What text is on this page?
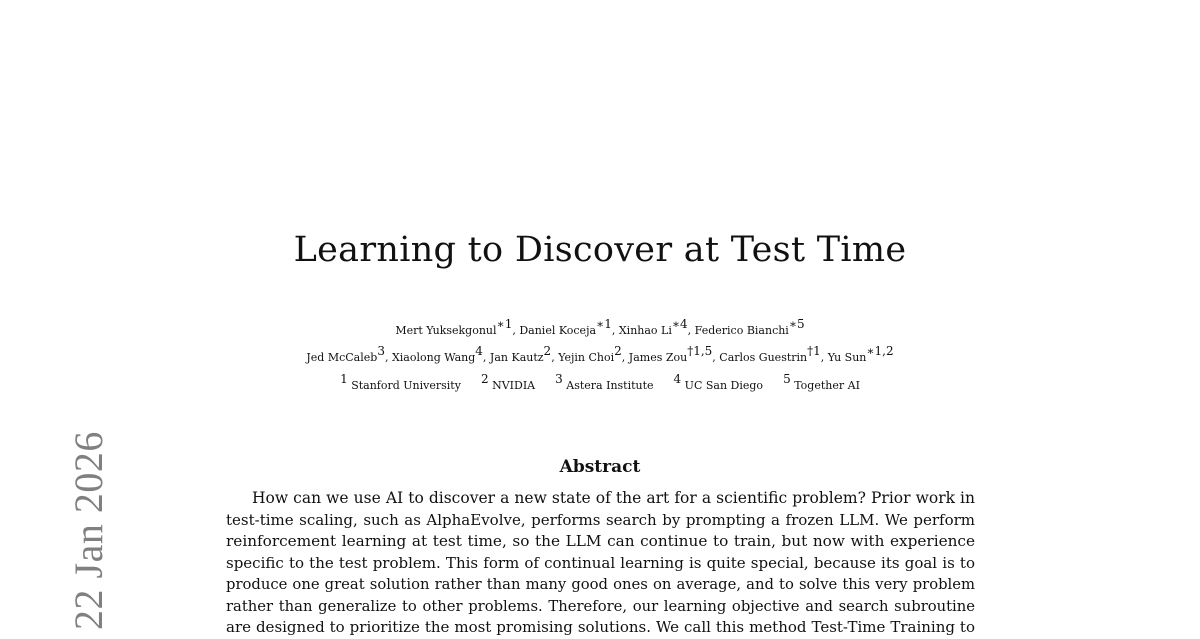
Learning to Discover at Test Time
Mert Yuksekgonul$^{∗1}$, Daniel Koceja$^{∗1}$, Xinhao $Li^{∗4}$, Federico Bianchi$^{∗5}$
Jed McCaleb$^3$, Xiaolong Wang$^4$, Jan Kautz$^2$, Yejin Choi$^2$, James Zou$^{\dagger 1,5}$, Carlos Guestrin$^{\dagger 1}$, Yu Sun$^{∗1,2}$
$^1$ Stanford University $^2$ NVIDIA $^3$ Astera Institute $^4$ UC San Diego $^5$ Together AI
Abstract
How can we use AI to discover a new state of the art for a scientific problem? Prior work in
test-time scaling, such as AlphaEvolve, performs search by prompting a frozen LLM. We perform
reinforcement learning at test time, so the LLM can continue to train, but now with experience
specific to the test problem. This form of continual learning is quite special, because its goal is to
produce one great solution rather than many good ones on average, and to solve this very problem
rather than generalize to other problems. Therefore, our learning objective and search subroutine
are designed to prioritize the most promising solutions. We call this method Test-Time Training to
22 Jan 2026
